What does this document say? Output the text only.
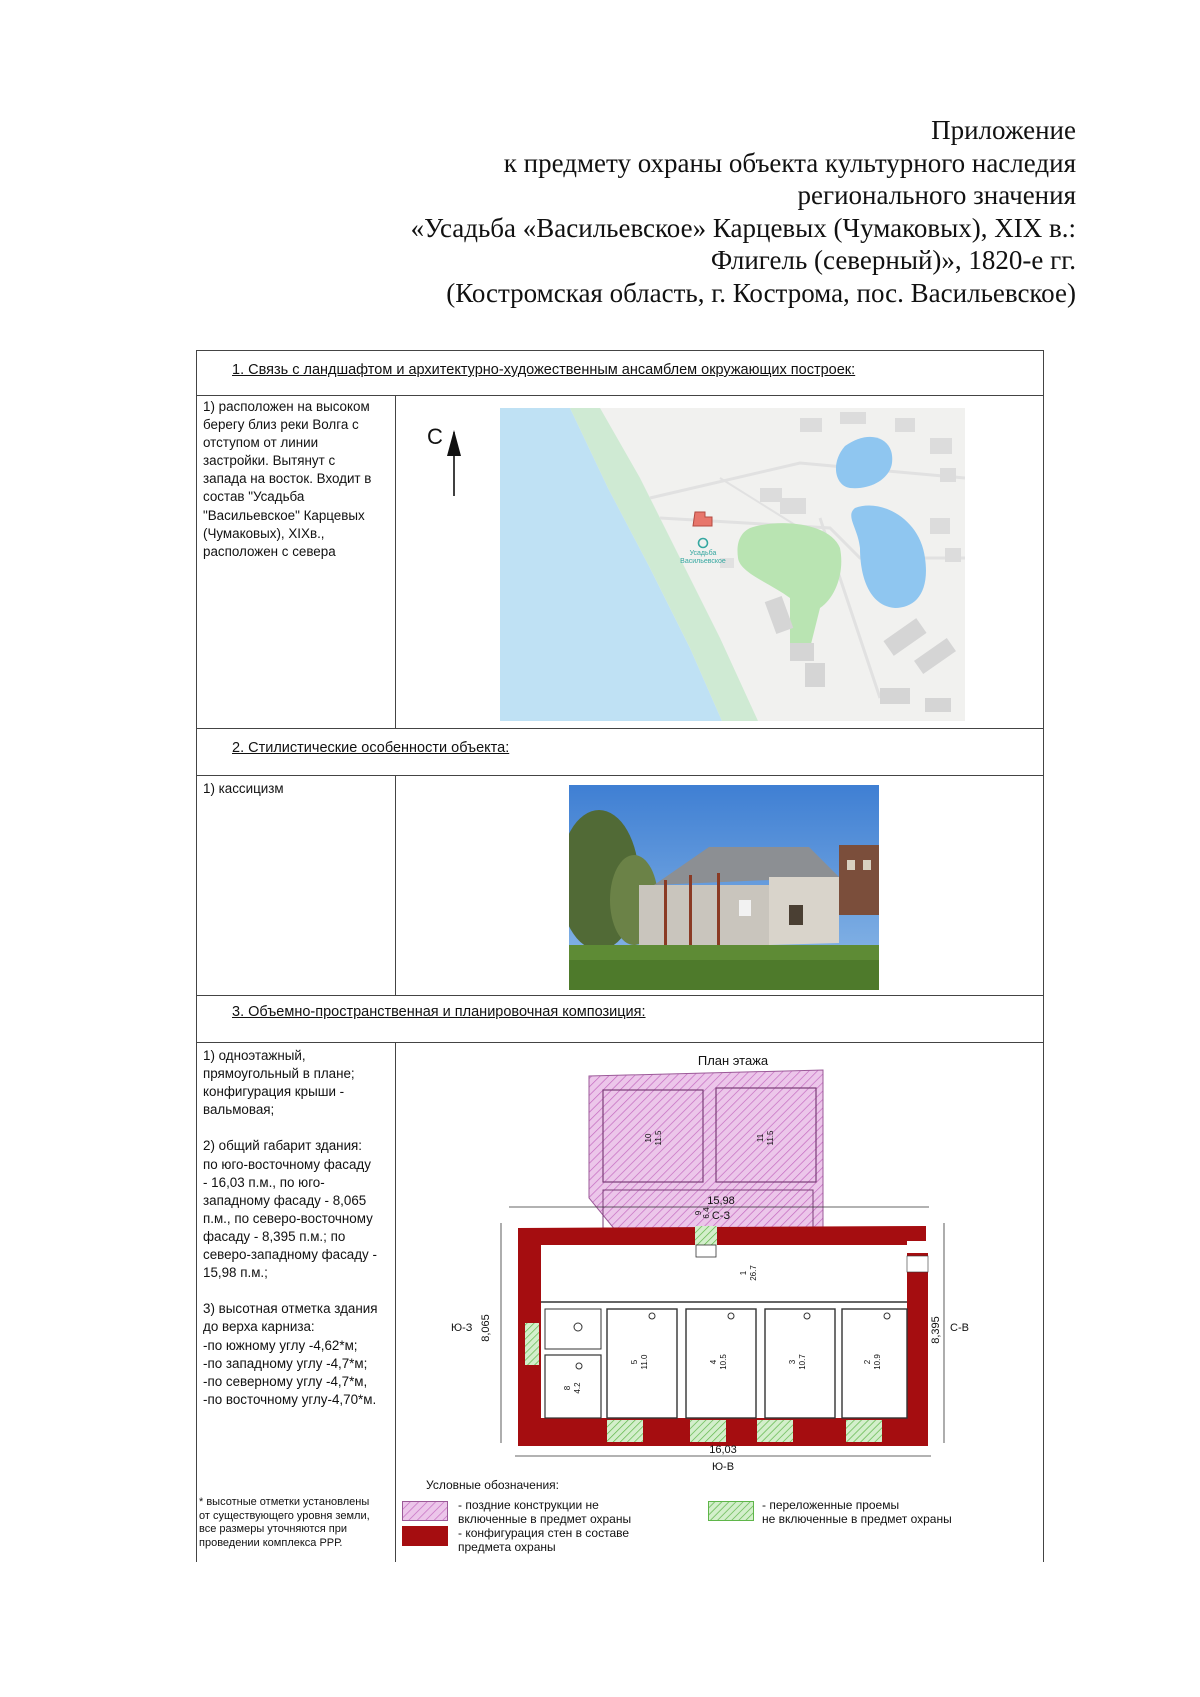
Приложение
к предмету охраны объекта культурного наследия
регионального значения
«Усадьба «Васильевское» Карцевых (Чумаковых), XIX в.:
Флигель (северный)», 1820-е гг.
(Костромская область, г. Кострома, пос. Васильевское)
1. Связь с ландшафтом и архитектурно-художественным ансамблем окружающих построек:
1) расположен на высоком
берегу близ реки Волга с
отступом от линии
застройки. Вытянут с
запада на восток. Входит в
состав "Усадьба
"Васильевское" Карцевых
(Чумаковых), XIXв.,
расположен с севера
С
Усадьба
Васильевское
2. Стилистические особенности объекта:
1) кассицизм
3. Объемно-пространственная и планировочная композиция:
1) одноэтажный,
прямоугольный в плане;
конфигурация крыши -
вальмовая;

2) общий габарит здания:
по юго-восточному фасаду
- 16,03 п.м., по юго-
западному фасаду - 8,065
п.м., по северо-восточному
фасаду - 8,395 п.м.; по
северо-западному фасаду -
15,98 п.м.;

3) высотная отметка здания
до верха карниза:
-по южному углу -4,62*м;
-по западному углу -4,7*м;
-по северному углу -4,7*м,
-по восточному углу-4,70*м.
* высотные отметки установлены
от существующего уровня земли,
все размеры уточняются при
проведении комплекса РРР.
План этажа
15,98
С-З
1 26.7
2 10.9
3 10.7
4 10.5
5 11.0
8 4.2
10 11.5	11 11.5
9 6.4
8,065
Ю-З	8,395 С-В
16,03
Ю-В
Условные обозначения:
- поздние конструкции не
включенные в предмет охраны
- конфигурация стен в составе
предмета охраны
- переложенные проемы
не включенные в предмет охраны
